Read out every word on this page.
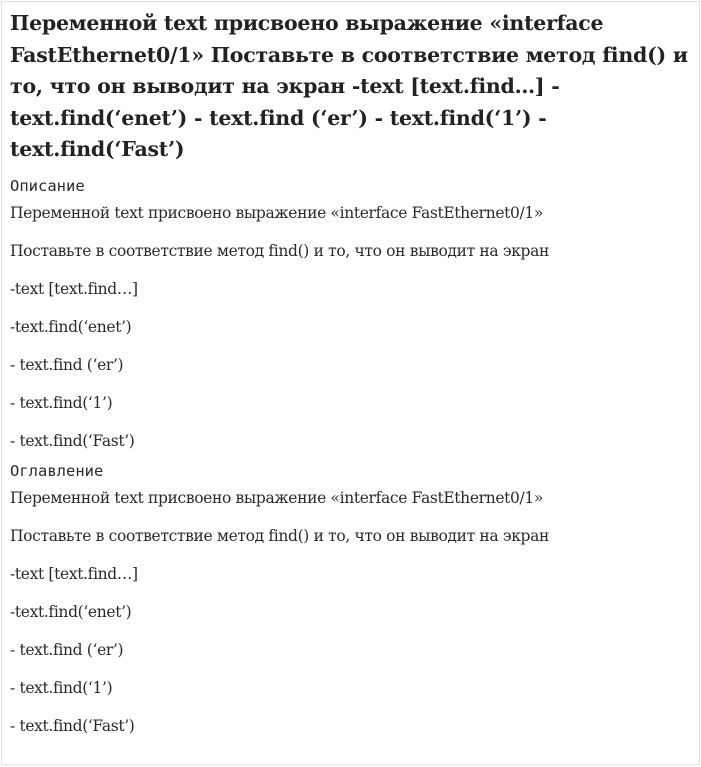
Переменной text присвоено выражение «interface FastEthernet0/1» Поставьте в соответствие метод find() и то, что он выводит на экран -text [text.find…] -text.find(‘enet’) - text.find (‘er’) - text.find(‘1’) - text.find(‘Fast’)
Описание
Переменной text присвоено выражение «interface FastEthernet0/1»
Поставьте в соответствие метод find() и то, что он выводит на экран
-text [text.find…]
-text.find(‘enet’)
- text.find (‘er’)
- text.find(‘1’)
- text.find(‘Fast’)
Оглавление
Переменной text присвоено выражение «interface FastEthernet0/1»
Поставьте в соответствие метод find() и то, что он выводит на экран
-text [text.find…]
-text.find(‘enet’)
- text.find (‘er’)
- text.find(‘1’)
- text.find(‘Fast’)
